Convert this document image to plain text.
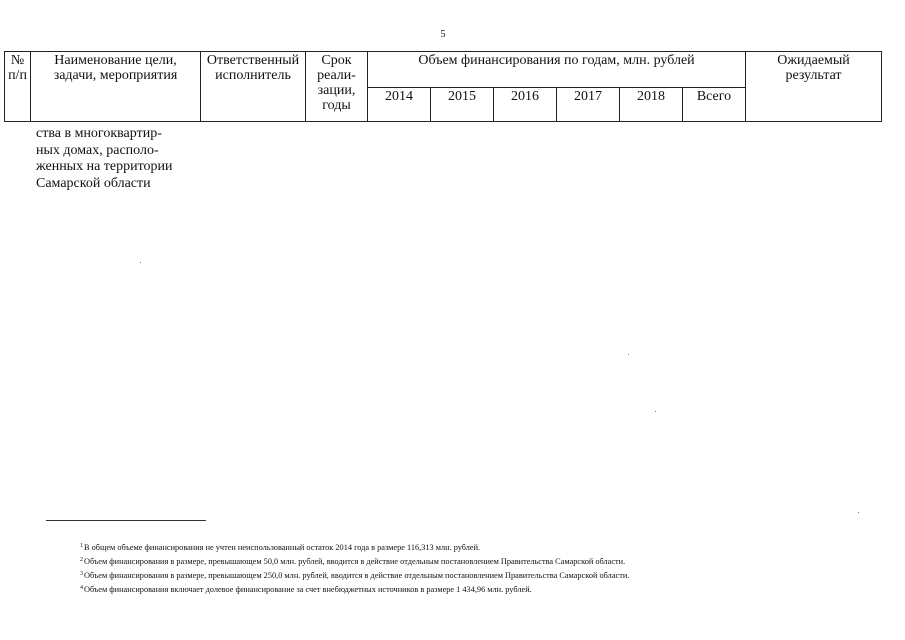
5
№ п/п	Наименование цели, задачи, мероприятия	Ответственный исполнитель	Срок реали-зации, годы	Объем финансирования по годам, млн. рублей						Ожидаемый результат
				2014	2015	2016	2017	2018	Всего	
ства в многоквартир-
ных домах, располо-
женных на территории
Самарской области
$^1$В общем объеме финансирования не учтен неиспользованный остаток 2014 года в размере 116,313 млн. рублей.
$^2$Объем финансирования в размере, превышающем 50,0 млн. рублей, вводится в действие отдельным постановлением Правительства Самарской области.
$^3$Объем финансирования в размере, превышающем 250,0 млн. рублей, вводится в действие отдельным постановлением Правительства Самарской области.
$^4$Объем финансирования включает долевое финансирование за счет внебюджетных источников в размере 1 434,96 млн. рублей.
